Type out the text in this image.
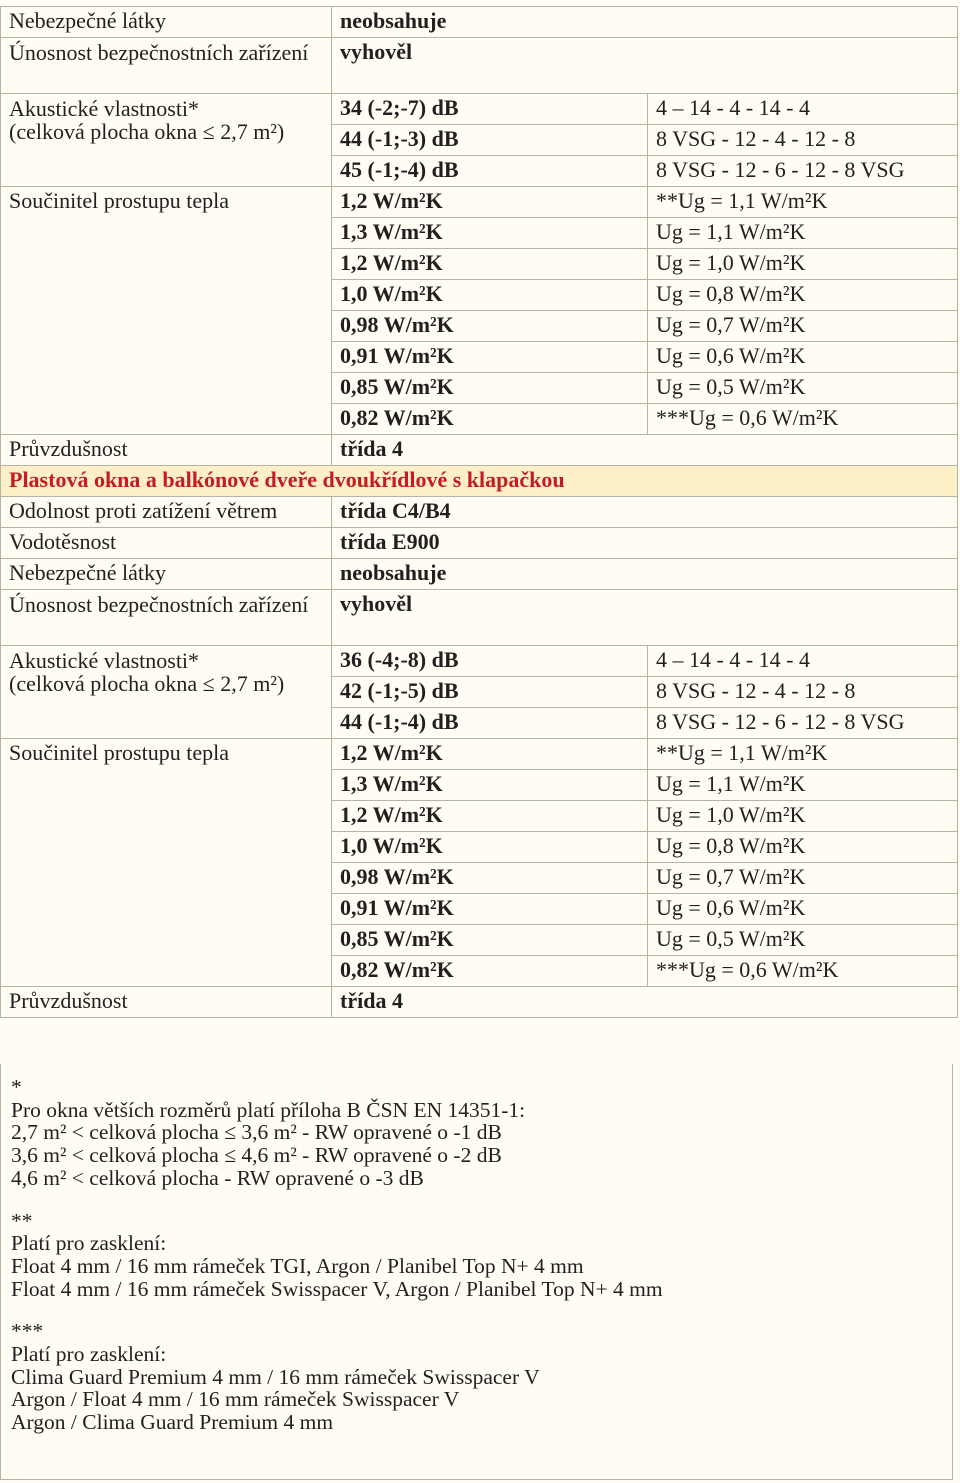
Nebezpečné látky	neobsahuje	
Únosnost bezpečnostních zařízení	vyhověl	
Akustické vlastnosti*
(celková plocha okna ≤ 2,7 m²)	34 (-2;-7) dB	4 – 14 - 4 - 14 - 4
	44 (-1;-3) dB	8 VSG - 12 - 4 - 12 - 8
	45 (-1;-4) dB	8 VSG - 12 - 6 - 12 - 8 VSG
Součinitel prostupu tepla	1,2 W/m²K	**Ug = 1,1 W/m²K
	1,3 W/m²K	Ug = 1,1 W/m²K
	1,2 W/m²K	Ug = 1,0 W/m²K
	1,0 W/m²K	Ug = 0,8 W/m²K
	0,98 W/m²K	Ug = 0,7 W/m²K
	0,91 W/m²K	Ug = 0,6 W/m²K
	0,85 W/m²K	Ug = 0,5 W/m²K
	0,82 W/m²K	***Ug = 0,6 W/m²K
Průvzdušnost	třída 4	
Plastová okna a balkónové dveře dvoukřídlové s klapačkou		
Odolnost proti zatížení větrem	třída C4/B4	
Vodotěsnost	třída E900	
Nebezpečné látky	neobsahuje	
Únosnost bezpečnostních zařízení	vyhověl	
Akustické vlastnosti*
(celková plocha okna ≤ 2,7 m²)	36 (-4;-8) dB	4 – 14 - 4 - 14 - 4
	42 (-1;-5) dB	8 VSG - 12 - 4 - 12 - 8
	44 (-1;-4) dB	8 VSG - 12 - 6 - 12 - 8 VSG
Součinitel prostupu tepla	1,2 W/m²K	**Ug = 1,1 W/m²K
	1,3 W/m²K	Ug = 1,1 W/m²K
	1,2 W/m²K	Ug = 1,0 W/m²K
	1,0 W/m²K	Ug = 0,8 W/m²K
	0,98 W/m²K	Ug = 0,7 W/m²K
	0,91 W/m²K	Ug = 0,6 W/m²K
	0,85 W/m²K	Ug = 0,5 W/m²K
	0,82 W/m²K	***Ug = 0,6 W/m²K
Průvzdušnost	třída 4	
*
Pro okna větších rozměrů platí příloha B ČSN EN 14351-1:
2,7 m² < celková plocha ≤ 3,6 m² - RW opravené o -1 dB
3,6 m² < celková plocha ≤ 4,6 m² - RW opravené o -2 dB
4,6 m² < celková plocha - RW opravené o -3 dB
**
Platí pro zasklení:
Float 4 mm / 16 mm rámeček TGI, Argon / Planibel Top N+ 4 mm
Float 4 mm / 16 mm rámeček Swisspacer V, Argon / Planibel Top N+ 4 mm
***
Platí pro zasklení:
Clima Guard Premium 4 mm / 16 mm rámeček Swisspacer V
Argon / Float 4 mm / 16 mm rámeček Swisspacer V
Argon / Clima Guard Premium 4 mm
